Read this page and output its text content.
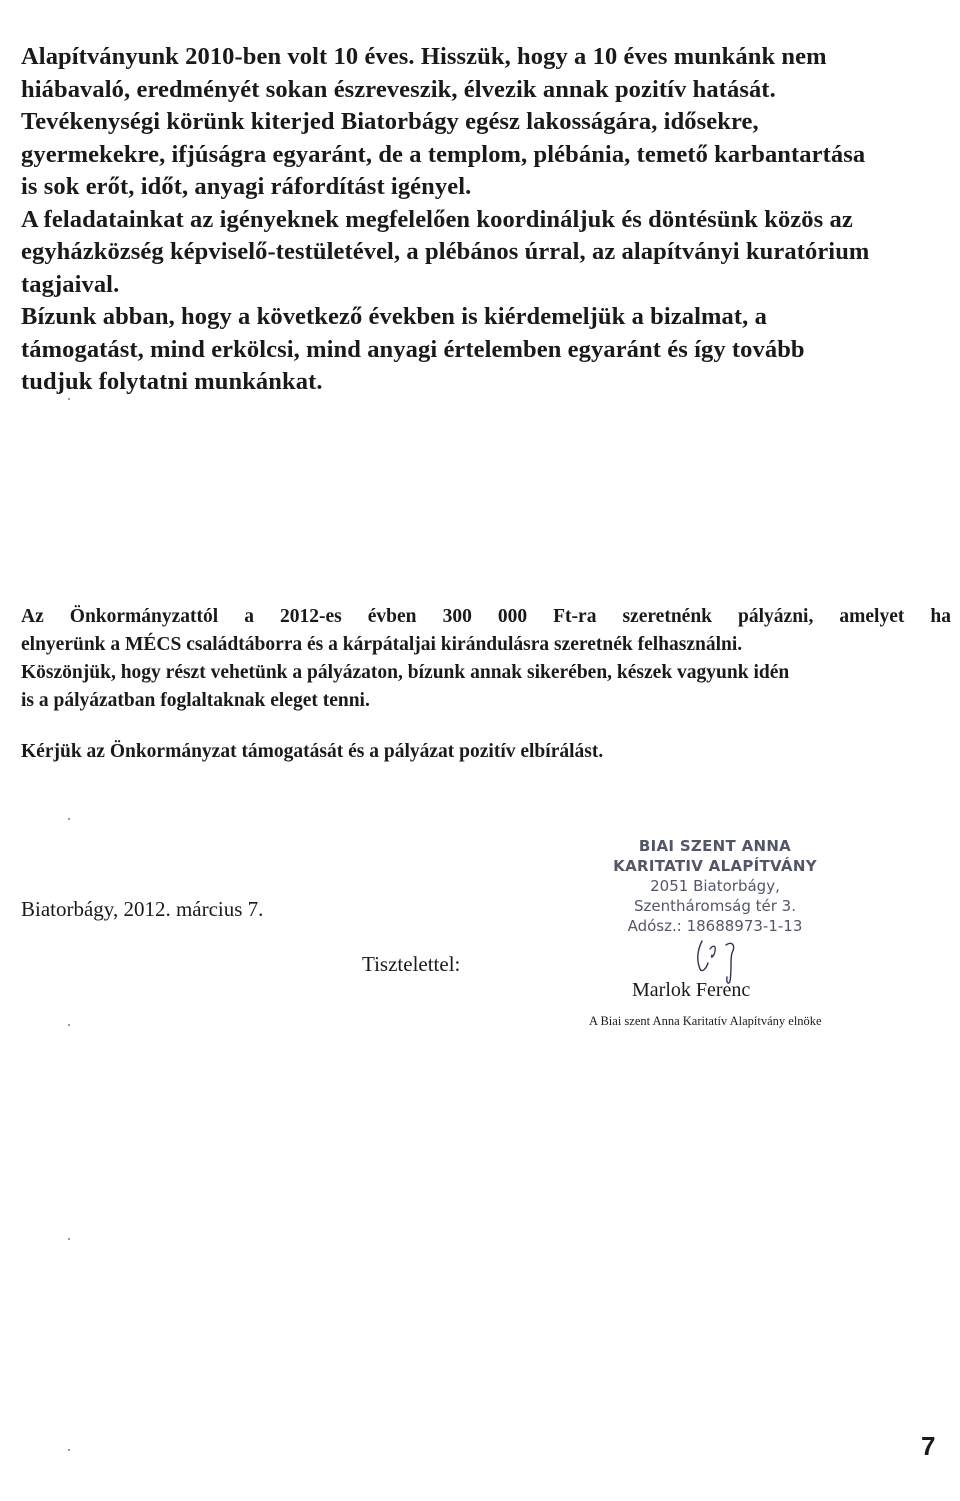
Alapítványunk 2010-ben volt 10 éves. Hisszük, hogy a 10 éves munkánk nem
hiábavaló, eredményét sokan észreveszik, élvezik annak pozitív hatását.
Tevékenységi körünk kiterjed Biatorbágy egész lakosságára, idősekre,
gyermekekre, ifjúságra egyaránt, de a templom, plébánia, temető karbantartása
is sok erőt, időt, anyagi ráfordítást igényel.
A feladatainkat az igényeknek megfelelően koordináljuk és döntésünk közös az
egyházközség képviselő-testületével, a plébános úrral, az alapítványi kuratórium
tagjaival.
Bízunk abban, hogy a következő években is kiérdemeljük a bizalmat, a
támogatást, mind erkölcsi, mind anyagi értelemben egyaránt és így tovább
tudjuk folytatni munkánkat.
Az Önkormányzattól a 2012-es évben 300 000 Ft-ra szeretnénk pályázni, amelyet ha
elnyerünk a MÉCS családtáborra és a kárpátaljai kirándulásra szeretnék felhasználni.
Köszönjük, hogy részt vehetünk a pályázaton, bízunk annak sikerében, készek vagyunk idén
is a pályázatban foglaltaknak eleget tenni.
Kérjük az Önkormányzat támogatását és a pályázat pozitív elbírálást.
Biatorbágy, 2012. március 7.
Tisztelettel:
BIAI SZENT ANNA
KARITATIV ALAPÍTVÁNY
2051 Biatorbágy,
Szentháromság tér 3.
Adósz.: 18688973-1-13
Marlok Ferenc
A Biai szent Anna Karitatív Alapítvány elnöke
7
